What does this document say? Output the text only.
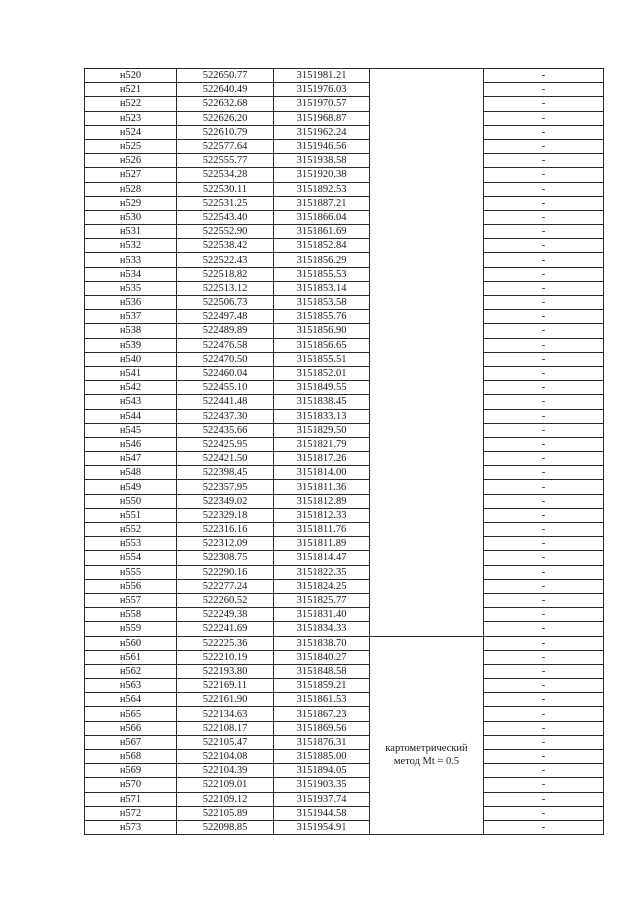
н520	522650.77	3151981.21		-
н521	522640.49	3151976.03		-
н522	522632.68	3151970.57		-
н523	522626.20	3151968.87		-
н524	522610.79	3151962.24		-
н525	522577.64	3151946.56		-
н526	522555.77	3151938.58		-
н527	522534.28	3151920.38		-
н528	522530.11	3151892.53		-
н529	522531.25	3151887.21		-
н530	522543.40	3151866.04		-
н531	522552.90	3151861.69		-
н532	522538.42	3151852.84		-
н533	522522.43	3151856.29		-
н534	522518.82	3151855.53		-
н535	522513.12	3151853.14		-
н536	522506.73	3151853.58		-
н537	522497.48	3151855.76		-
н538	522489.89	3151856.90		-
н539	522476.58	3151856.65		-
н540	522470.50	3151855.51		-
н541	522460.04	3151852.01		-
н542	522455.10	3151849.55		-
н543	522441.48	3151838.45		-
н544	522437.30	3151833.13		-
н545	522435.66	3151829.50		-
н546	522425.95	3151821.79		-
н547	522421.50	3151817.26		-
н548	522398.45	3151814.00		-
н549	522357.95	3151811.36		-
н550	522349.02	3151812.89		-
н551	522329.18	3151812.33		-
н552	522316.16	3151811.76		-
н553	522312.09	3151811.89		-
н554	522308.75	3151814.47		-
н555	522290.16	3151822.35		-
н556	522277.24	3151824.25		-
н557	522260.52	3151825.77		-
н558	522249.38	3151831.40		-
н559	522241.69	3151834.33		-
н560	522225.36	3151838.70	картометрический
метод Mt = 0.5	-
н561	522210.19	3151840.27		-
н562	522193.80	3151848.58		-
н563	522169.11	3151859.21		-
н564	522161.90	3151861.53		-
н565	522134.63	3151867.23		-
н566	522108.17	3151869.56		-
н567	522105.47	3151876.31		-
н568	522104.08	3151885.00		-
н569	522104.39	3151894.05		-
н570	522109.01	3151903.35		-
н571	522109.12	3151937.74		-
н572	522105.89	3151944.58		-
н573	522098.85	3151954.91		-
